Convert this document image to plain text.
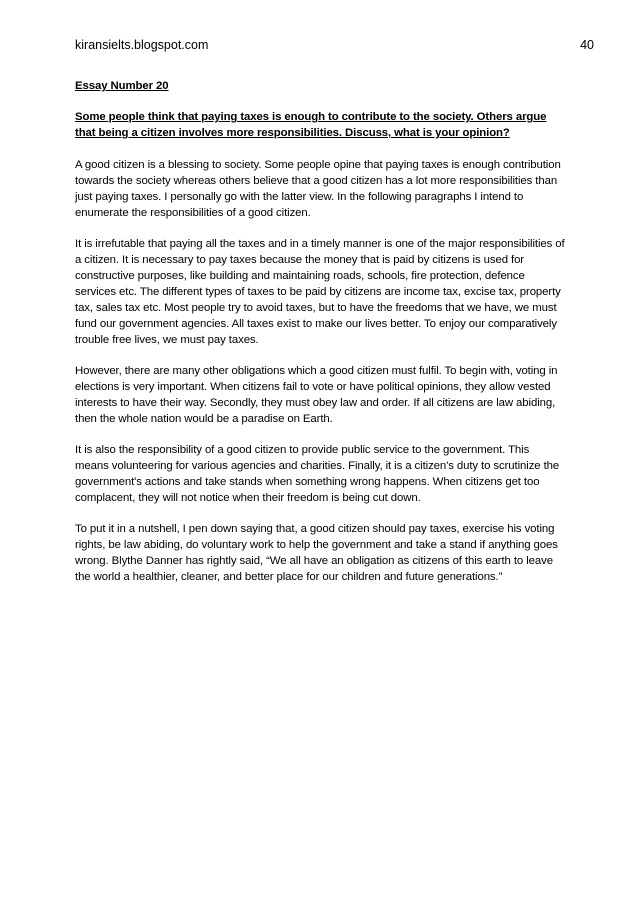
kiransielts.blogspot.com	40

Essay Number 20

Some people think that paying taxes is enough to contribute to the society. Others argue that being a citizen involves more responsibilities. Discuss, what is your opinion?

A good citizen is a blessing to society. Some people opine that paying taxes is enough contribution towards the society whereas others believe that a good citizen has a lot more responsibilities than just paying taxes. I personally go with the latter view. In the following paragraphs I intend to enumerate the responsibilities of a good citizen.

It is irrefutable that paying all the taxes and in a timely manner is one of the major responsibilities of a citizen. It is necessary to pay taxes because the money that is paid by citizens is used for constructive purposes, like building and maintaining roads, schools, fire protection, defence services etc. The different types of taxes to be paid by citizens are income tax, excise tax, property tax, sales tax etc. Most people try to avoid taxes, but to have the freedoms that we have, we must fund our government agencies. All taxes exist to make our lives better. To enjoy our comparatively trouble free lives, we must pay taxes.

However, there are many other obligations which a good citizen must fulfil. To begin with, voting in elections is very important. When citizens fail to vote or have political opinions, they allow vested interests to have their way. Secondly, they must obey law and order. If all citizens are law abiding, then the whole nation would be a paradise on Earth.

It is also the responsibility of a good citizen to provide public service to the government. This means volunteering for various agencies and charities. Finally, it is a citizen's duty to scrutinize the government's actions and take stands when something wrong happens. When citizens get too complacent, they will not notice when their freedom is being cut down.

To put it in a nutshell, I pen down saying that, a good citizen should pay taxes, exercise his voting rights, be law abiding, do voluntary work to help the government and take a stand if anything goes wrong. Blythe Danner has rightly said, “We all have an obligation as citizens of this earth to leave the world a healthier, cleaner, and better place for our children and future generations.”
